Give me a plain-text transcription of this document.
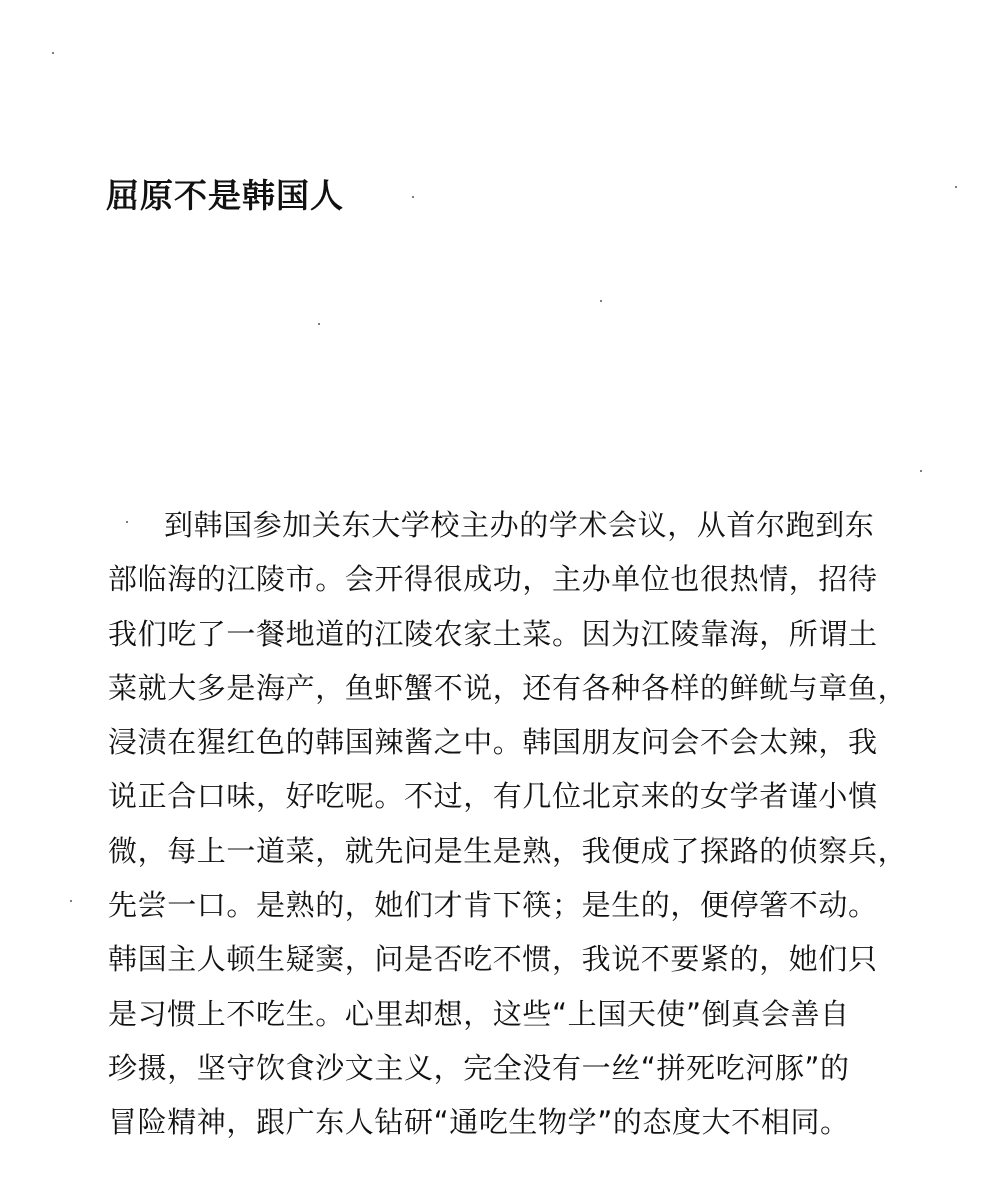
屈原不是韩国人
到韩国参加关东大学校主办的学术会议，从首尔跑到东
部临海的江陵市。会开得很成功，主办单位也很热情，招待
我们吃了一餐地道的江陵农家土菜。因为江陵靠海，所谓土
菜就大多是海产，鱼虾蟹不说，还有各种各样的鲜鱿与章鱼，
浸渍在猩红色的韩国辣酱之中。韩国朋友问会不会太辣，我
说正合口味，好吃呢。不过，有几位北京来的女学者谨小慎
微，每上一道菜，就先问是生是熟，我便成了探路的侦察兵，
先尝一口。是熟的，她们才肯下筷；是生的，便停箸不动。
韩国主人顿生疑窦，问是否吃不惯，我说不要紧的，她们只
是习惯上不吃生。心里却想，这些“上国天使”倒真会善自
珍摄，坚守饮食沙文主义，完全没有一丝“拼死吃河豚”的
冒险精神，跟广东人钻研“通吃生物学”的态度大不相同。
